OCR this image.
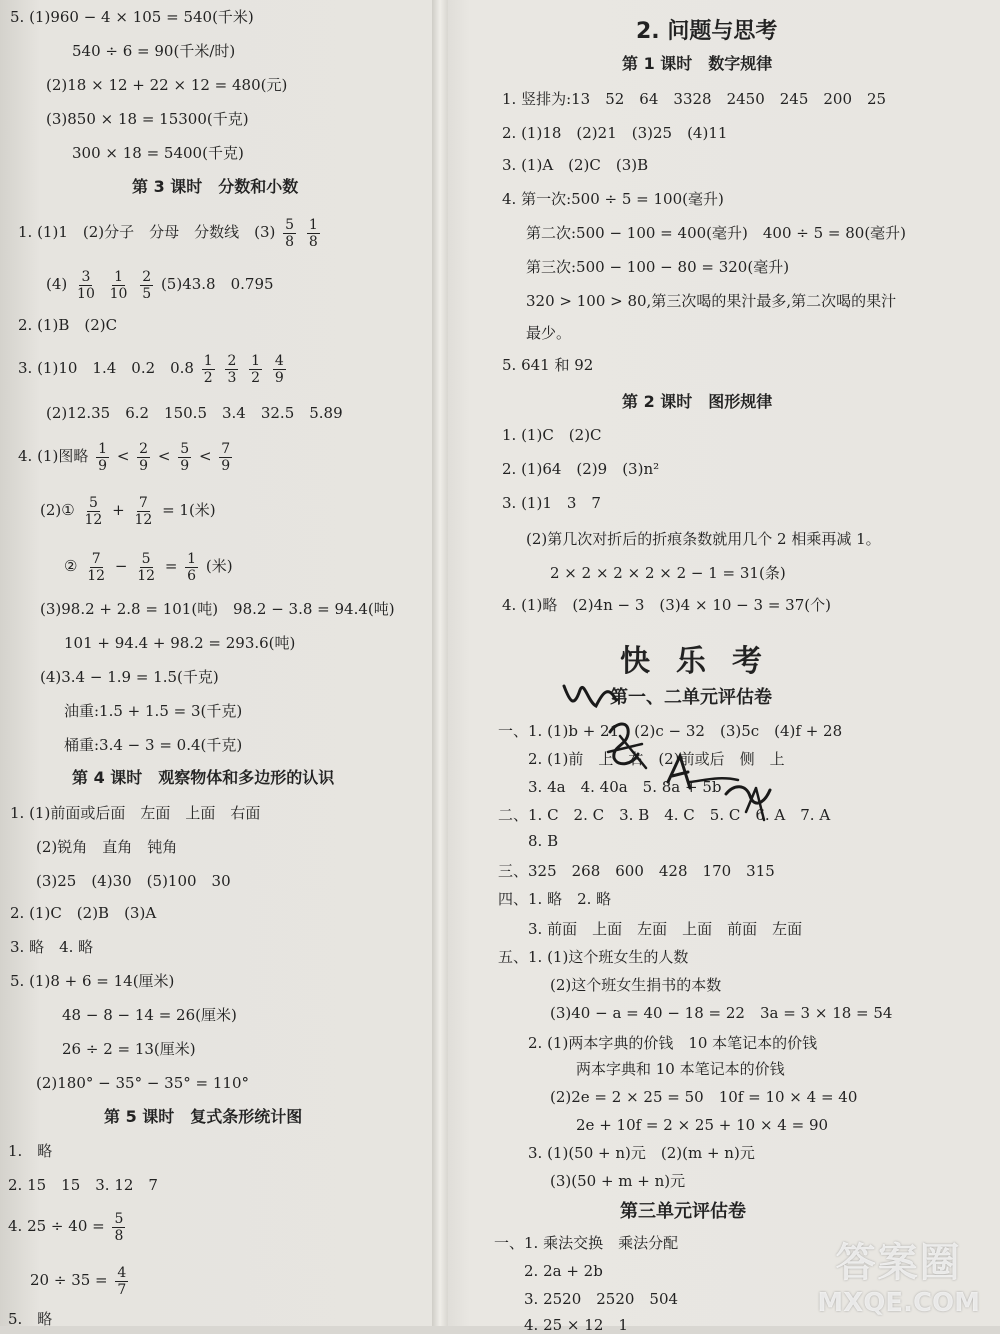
5. (1)960 − 4 × 105 = 540(千米)
540 ÷ 6 = 90(千米/时)
(2)18 × 12 + 22 × 12 = 480(元)
(3)850 × 18 = 15300(千克)
300 × 18 = 5400(千克)
第 3 课时　分数和小数
1. (1)1　(2)分子　分母　分数线　$(3) \frac{5}{8}$
$\frac{1}{8}$
$(4) \frac{3}{10}$
$\frac{1}{10}$
$\frac{2}{5} (5)43.8$　0.795
2. (1)B　(2)C
3. (1)10　1.4　0.2　$0.8 \frac{1}{2}$
$\frac{2}{3}$
$\frac{1}{2}$
$\frac{4}{9}$
(2)12.35　6.2　150.5　3.4　32.5　5.89
4. (1)图略 $\frac{1}{9} < \frac{2}{9} < \frac{5}{9} < \frac{7}{9}$
(2)① $\frac{5}{12} + \frac{7}{12} = 1$(米)
② $\frac{7}{12} - \frac{5}{12} = \frac{1}{6}$ (米)
(3)98.2 + 2.8 = 101(吨)　98.2 − 3.8 = 94.4(吨)
101 + 94.4 + 98.2 = 293.6(吨)
(4)3.4 − 1.9 = 1.5(千克)
油重:1.5 + 1.5 = 3(千克)
桶重:3.4 − 3 = 0.4(千克)
第 4 课时　观察物体和多边形的认识
1. (1)前面或后面　左面　上面　右面
(2)锐角　直角　钝角
(3)25　(4)30　(5)100　30
2. (1)C　(2)B　(3)A
3. 略　4. 略
5. (1)8 + 6 = 14(厘米)
48 − 8 − 14 = 26(厘米)
26 ÷ 2 = 13(厘米)
(2)180° − 35° − 35° = 110°
第 5 课时　复式条形统计图
1.　略
2. 15　15　3. 12　7
4. $25 \div 40 = \frac{5}{8}$
$20 \div 35 = \frac{4}{7}$
5.　略
2. 问题与思考
第 1 课时　数字规律
1. 竖排为:13　52　64　3328　2450　245　200　25
2. (1)18　(2)21　(3)25　(4)11
3. (1)A　(2)C　(3)B
4. 第一次:500 ÷ 5 = 100(毫升)
第二次:500 − 100 = 400(毫升)　400 ÷ 5 = 80(毫升)
第三次:500 − 100 − 80 = 320(毫升)
320 > 100 > 80,第三次喝的果汁最多,第二次喝的果汁
最少。
5. 641 和 92
第 2 课时　图形规律
1. (1)C　(2)C
2. (1)64　(2)9　(3)n²
3. (1)1　3　7
(2)第几次对折后的折痕条数就用几个 2 相乘再减 1。
2 × 2 × 2 × 2 × 2 − 1 = 31(条)
4. (1)略　(2)4n − 3　(3)4 × 10 − 3 = 37(个)
快乐考
第一、二单元评估卷
一、1. (1)b + 21　(2)c − 32　(3)5c　(4)f + 28
2. (1)前　上　右　(2)前或后　侧　上
3. 4a　4. 40a　5. 8a + 5b
二、1. C　2. C　3. B　4. C　5. C　6. A　7. A
8. B
三、325　268　600　428　170　315
四、1. 略　2. 略
3. 前面　上面　左面　上面　前面　左面
五、1. (1)这个班女生的人数
(2)这个班女生捐书的本数
(3)40 − a = 40 − 18 = 22　3a = 3 × 18 = 54
2. (1)两本字典的价钱　10 本笔记本的价钱
两本字典和 10 本笔记本的价钱
(2)2e = 2 × 25 = 50　10f = 10 × 4 = 40
2e + 10f = 2 × 25 + 10 × 4 = 90
3. (1)(50 + n)元　(2)(m + n)元
(3)(50 + m + n)元
第三单元评估卷
一、1. 乘法交换　乘法分配
2. 2a + 2b
3. 2520　2520　504
4. 25 × 12　1
答案圈
MXQE.COM
